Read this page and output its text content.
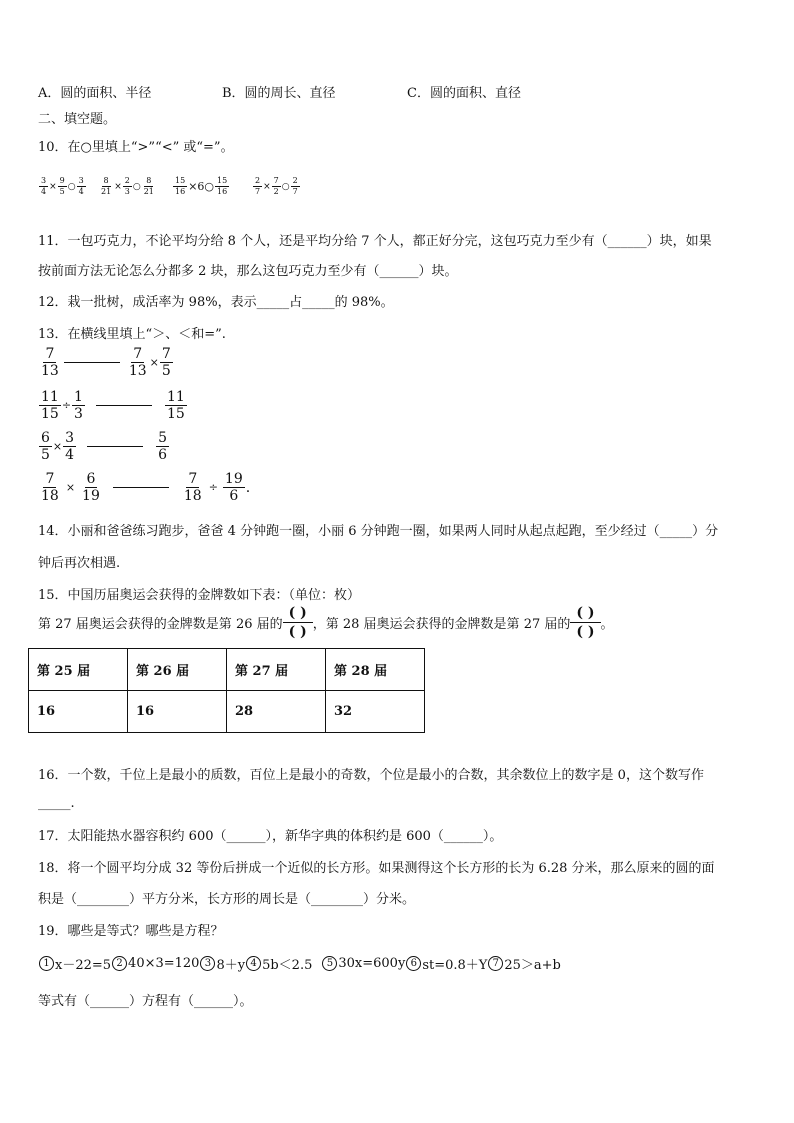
A．圆的面积、半径	B．圆的周长、直径	C．圆的面积、直径
二、填空题。
10．在○里填上“>”“<” 或“=”。
$\frac{3}{4} \times \frac{9}{5}$ ○ $\frac{3}{4} \frac{8}{21} \times \frac{2}{3}$ ○ $\frac{8}{21} \frac{15}{16}$ ×6○ $\frac{15}{16}$	$\frac{2}{7} \times \frac{7}{2}$ ○ $\frac{2}{7}$
11．一包巧克力，不论平均分给 8 个人，还是平均分给 7 个人，都正好分完，这包巧克力至少有（______）块，如果
按前面方法无论怎么分都多 2 块，那么这包巧克力至少有（______）块。
12．栽一批树，成活率为 98%，表示_____占_____的 98%。
13．在横线里填上“＞、＜和=”.
$\frac{7}{13}$	$\frac{7}{13} \times \frac{7}{5}$
$\frac{11}{15} \div \frac{1}{3}$	$\frac{11}{15}$
$\frac{6}{5} \times \frac{3}{4}$	$\frac{5}{6}$
$\frac{7}{18} \times \frac{6}{19}$	$\frac{7}{18} \div \frac{19}{6}$ .
14．小丽和爸爸练习跑步，爸爸 4 分钟跑一圈，小丽 6 分钟跑一圈，如果两人同时从起点起跑，至少经过（_____）分
钟后再次相遇.
15．中国历届奥运会获得的金牌数如下表：（单位：枚）
第 27 届奥运会获得的金牌数是第 26 届的 $\frac{( )}{( )}$ ，第 28 届奥运会获得的金牌数是第 27 届的 $\frac{( )}{( )}$ 。
第 25 届	第 26 届	第 27 届	第 28 届
16	16	28	32
16．一个数，千位上是最小的质数，百位上是最小的奇数，个位是最小的合数，其余数位上的数字是 0，这个数写作
_____.
17．太阳能热水器容积约 600（______），新华字典的体积约是 600（______）。
18．将一个圆平均分成 32 等份后拼成一个近似的长方形。如果测得这个长方形的长为 6.28 分米，那么原来的圆的面
积是（________）平方分米，长方形的周长是（________）分米。
19．哪些是等式？哪些是方程？
1 x－22=5 2 40×3=120 3 8＋y 4 5b＜2.5	5 30x=600y 6 st=0.8＋Y 7 25＞a+b
等式有（______）方程有（______）。
